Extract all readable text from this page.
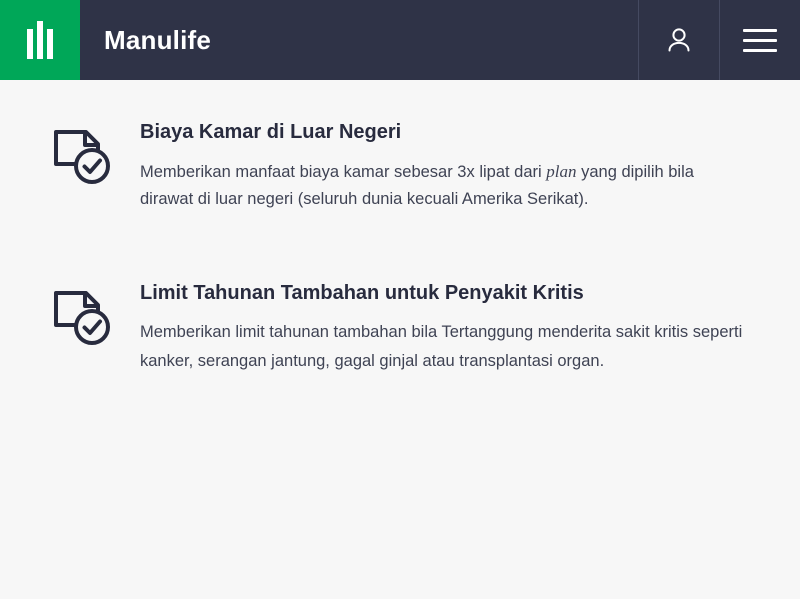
Manulife
Biaya Kamar di Luar Negeri

Memberikan manfaat biaya kamar sebesar 3x lipat dari plan yang dipilih bila dirawat di luar negeri (seluruh dunia kecuali Amerika Serikat).

Limit Tahunan Tambahan untuk Penyakit Kritis

Memberikan limit tahunan tambahan bila Tertanggung menderita sakit kritis seperti kanker, serangan jantung, gagal ginjal atau transplantasi organ.
